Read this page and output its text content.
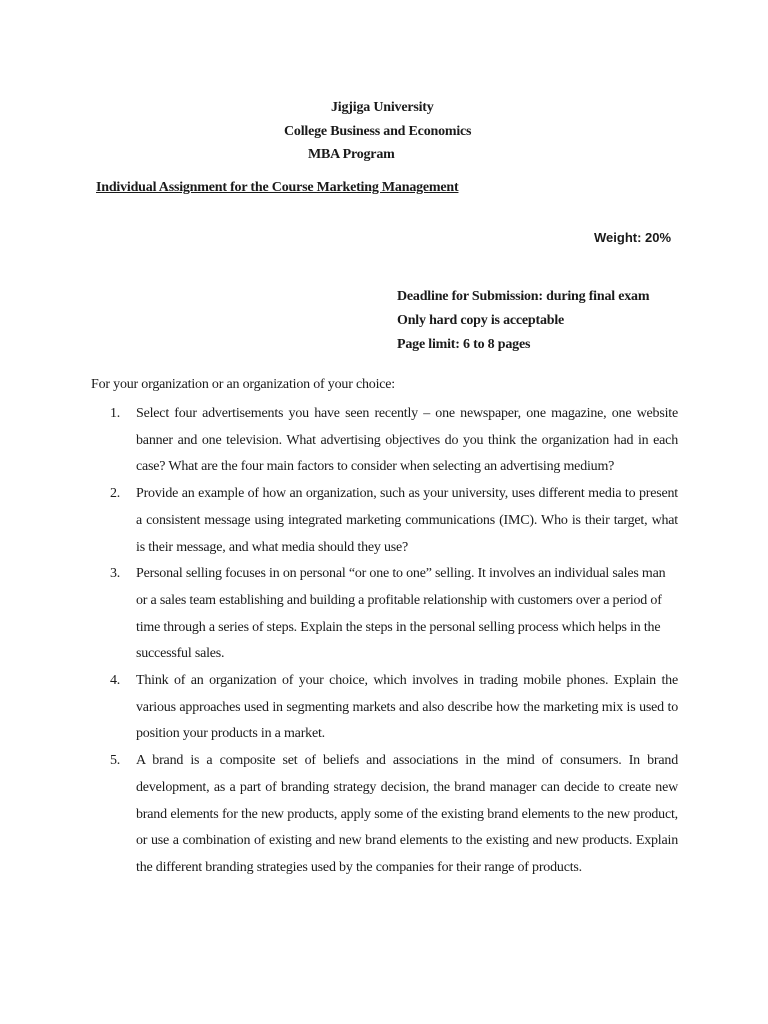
Jigjiga University
College Business and Economics
MBA Program
Individual Assignment for the Course Marketing Management
Weight: 20%
Deadline for Submission: during final exam
Only hard copy is acceptable
Page limit: 6 to 8 pages
For your organization or an organization of your choice:
1. Select four advertisements you have seen recently – one newspaper, one magazine, one website banner and one television. What advertising objectives do you think the organization had in each case? What are the four main factors to consider when selecting an advertising medium?
2. Provide an example of how an organization, such as your university, uses different media to present a consistent message using integrated marketing communications (IMC). Who is their target, what is their message, and what media should they use?
3. Personal selling focuses in on personal “or one to one” selling. It involves an individual sales man or a sales team establishing and building a profitable relationship with customers over a period of time through a series of steps. Explain the steps in the personal selling process which helps in the successful sales.
4. Think of an organization of your choice, which involves in trading mobile phones. Explain the various approaches used in segmenting markets and also describe how the marketing mix is used to position your products in a market.
5. A brand is a composite set of beliefs and associations in the mind of consumers. In brand development, as a part of branding strategy decision, the brand manager can decide to create new brand elements for the new products, apply some of the existing brand elements to the new product, or use a combination of existing and new brand elements to the existing and new products. Explain the different branding strategies used by the companies for their range of products.
